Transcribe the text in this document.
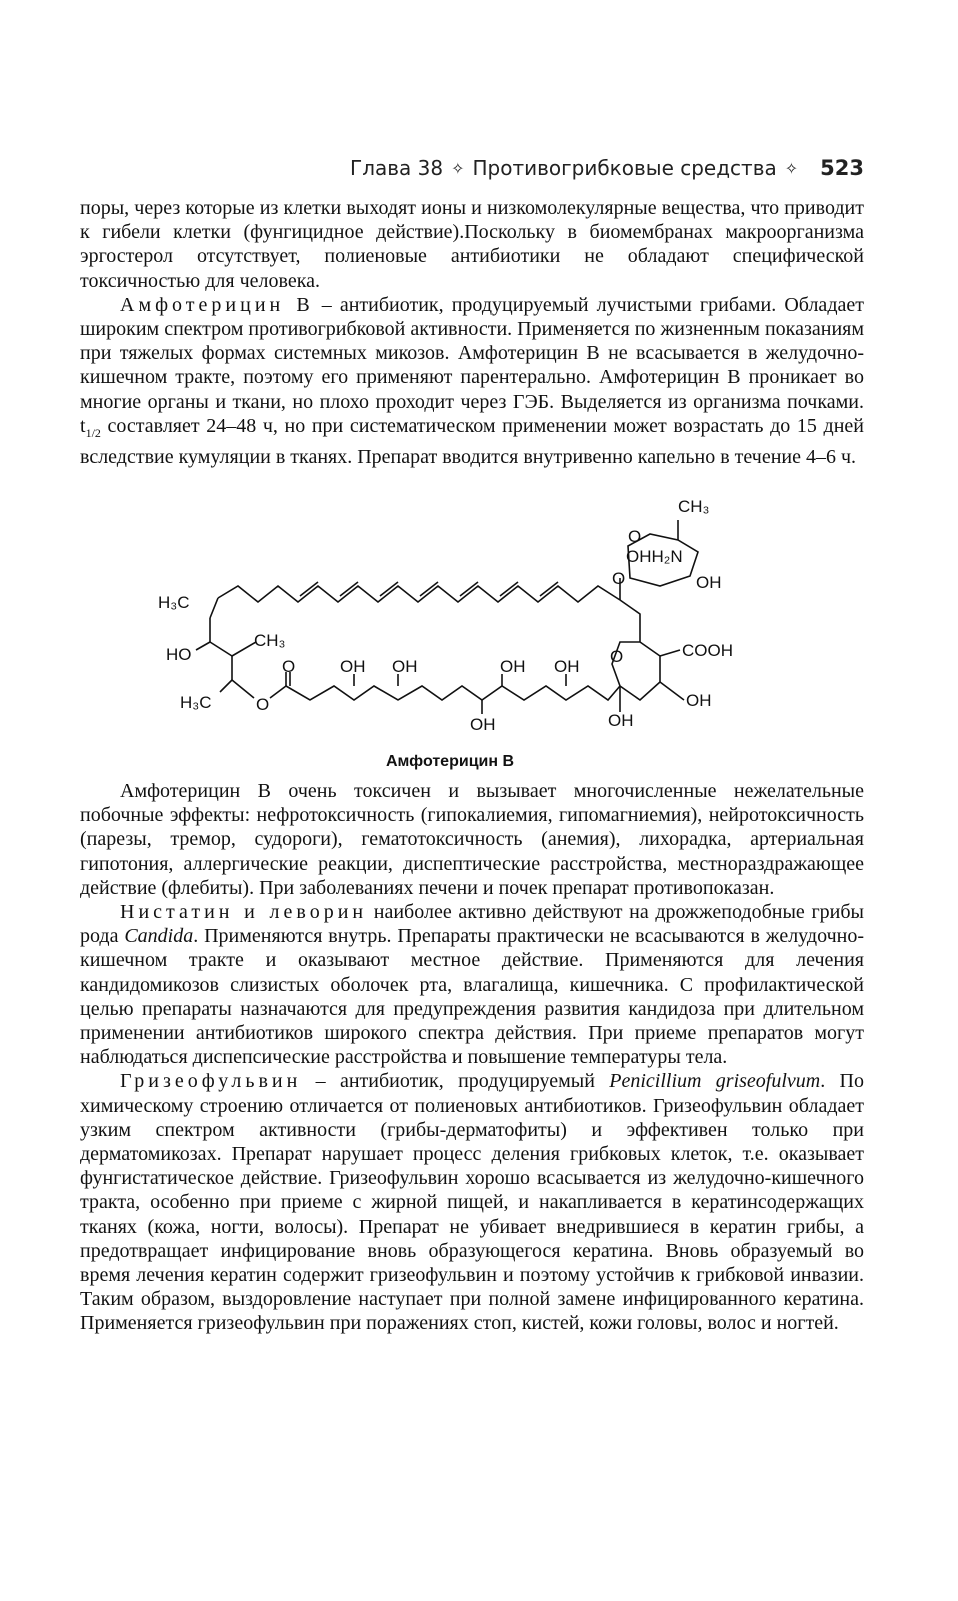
Глава 38 ✧ Противогрибковые средства ✧ 523

поры, через которые из клетки выходят ионы и низкомолекулярные вещества, что приводит к гибели клетки (фунгицидное действие).Поскольку в биомембранах макроорганизма эргостерол отсутствует, полиеновые антибиотики не обладают специфической токсичностью для человека.

Амфотерицин В – антибиотик, продуцируемый лучистыми грибами. Обладает широким спектром противогрибковой активности. Применяется по жизненным показаниям при тяжелых формах системных микозов. Амфотерицин В не всасывается в желудочно-кишечном тракте, поэтому его применяют парентерально. Амфотерицин В проникает во многие органы и ткани, но плохо проходит через ГЭБ. Выделяется из организма почками. $t_{1/2}$ составляет 24–48 ч, но при систематическом применении может возрастать до 15 дней вследствие кумуляции в тканях. Препарат вводится внутривенно капельно в течение 4–6 ч.

CH₃
O
OHH₂N
OH
O
H₃C
CH₃
HO
O	OH OH	OH OH
O	COOH
H₃C	O
OH	OH
OH
Амфотерицин В

Амфотерицин В очень токсичен и вызывает многочисленные нежелательные побочные эффекты: нефротоксичность (гипокалиемия, гипомагниемия), нейротоксичность (парезы, тремор, судороги), гематотоксичность (анемия), лихорадка, артериальная гипотония, аллергические реакции, диспептические расстройства, местнораздражающее действие (флебиты). При заболеваниях печени и почек препарат противопоказан.

Нистатин и леворин наиболее активно действуют на дрожжеподобные грибы рода Candida. Применяются внутрь. Препараты практически не всасываются в желудочно-кишечном тракте и оказывают местное действие. Применяются для лечения кандидомикозов слизистых оболочек рта, влагалища, кишечника. С профилактической целью препараты назначаются для предупреждения развития кандидоза при длительном применении антибиотиков широкого спектра действия. При приеме препаратов могут наблюдаться диспепсические расстройства и повышение температуры тела.

Гризеофульвин – антибиотик, продуцируемый Penicillium griseofulvum. По химическому строению отличается от полиеновых антибиотиков. Гризеофульвин обладает узким спектром активности (грибы-дерматофиты) и эффективен только при дерматомикозах. Препарат нарушает процесс деления грибковых клеток, т.е. оказывает фунгистатическое действие. Гризеофульвин хорошо всасывается из желудочно-кишечного тракта, особенно при приеме с жирной пищей, и накапливается в кератинсодержащих тканях (кожа, ногти, волосы). Препарат не убивает внедрившиеся в кератин грибы, а предотвращает инфицирование вновь образующегося кератина. Вновь образуемый во время лечения кератин содержит гризеофульвин и поэтому устойчив к грибковой инвазии. Таким образом, выздоровление наступает при полной замене инфицированного кератина. Применяется гризеофульвин при поражениях стоп, кистей, кожи головы, волос и ногтей.
